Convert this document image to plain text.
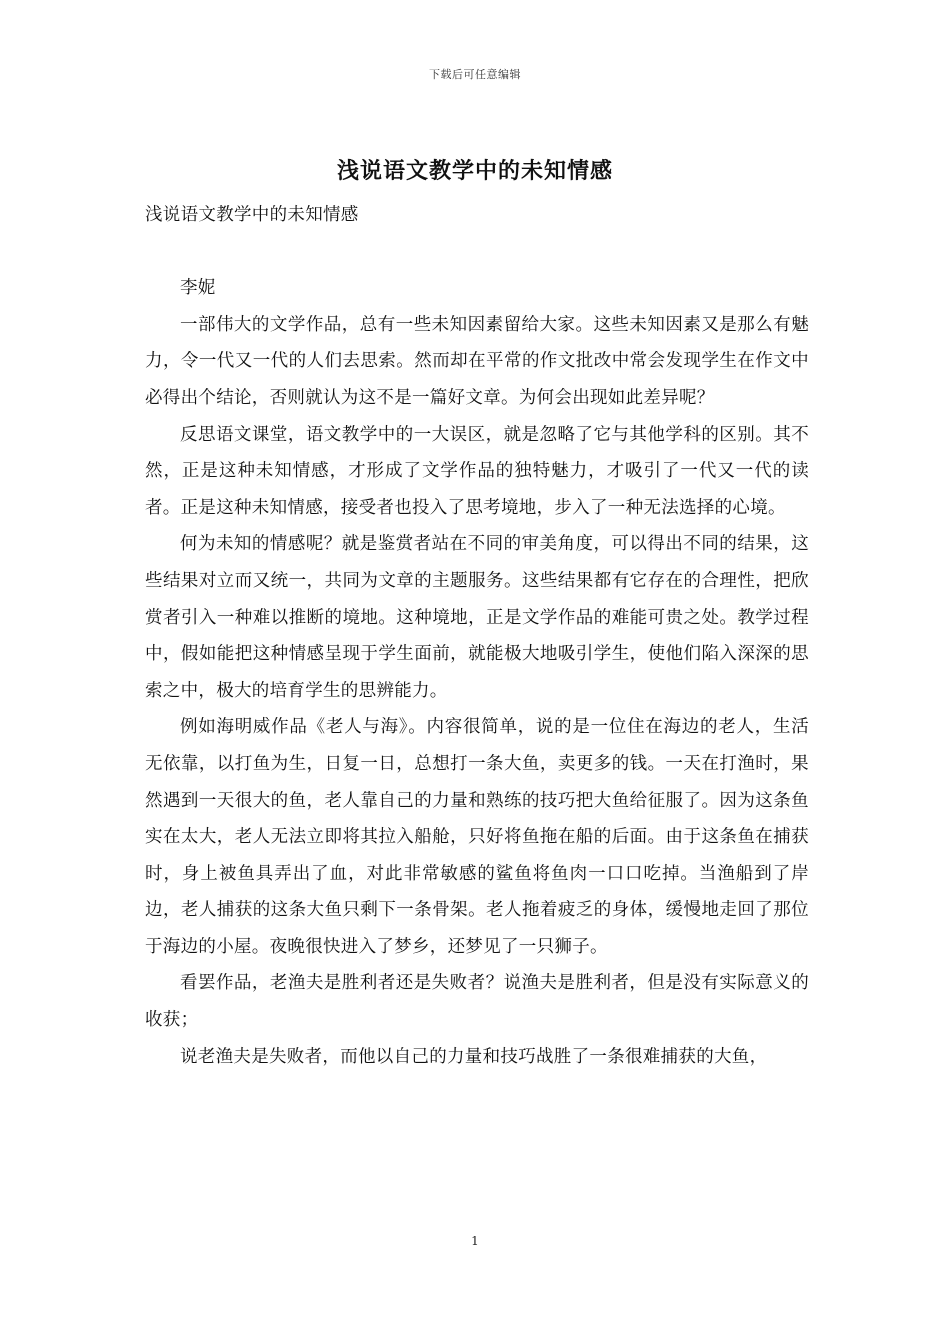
下载后可任意编辑
浅说语文教学中的未知情感

浅说语文教学中的未知情感

李妮

一部伟大的文学作品，总有一些未知因素留给大家。这些未知因素又是那么有魅力，令一代又一代的人们去思索。然而却在平常的作文批改中常会发现学生在作文中必得出个结论，否则就认为这不是一篇好文章。为何会出现如此差异呢？

反思语文课堂，语文教学中的一大误区，就是忽略了它与其他学科的区别。其不然，正是这种未知情感，才形成了文学作品的独特魅力，才吸引了一代又一代的读者。正是这种未知情感，接受者也投入了思考境地，步入了一种无法选择的心境。

何为未知的情感呢？就是鉴赏者站在不同的审美角度，可以得出不同的结果，这些结果对立而又统一，共同为文章的主题服务。这些结果都有它存在的合理性，把欣赏者引入一种难以推断的境地。这种境地，正是文学作品的难能可贵之处。教学过程中，假如能把这种情感呈现于学生面前，就能极大地吸引学生，使他们陷入深深的思索之中，极大的培育学生的思辨能力。

例如海明威作品《老人与海》。内容很简单，说的是一位住在海边的老人，生活无依靠，以打鱼为生，日复一日，总想打一条大鱼，卖更多的钱。一天在打渔时，果然遇到一天很大的鱼，老人靠自己的力量和熟练的技巧把大鱼给征服了。因为这条鱼实在太大，老人无法立即将其拉入船舱，只好将鱼拖在船的后面。由于这条鱼在捕获时，身上被鱼具弄出了血，对此非常敏感的鲨鱼将鱼肉一口口吃掉。当渔船到了岸边，老人捕获的这条大鱼只剩下一条骨架。老人拖着疲乏的身体，缓慢地走回了那位于海边的小屋。夜晚很快进入了梦乡，还梦见了一只狮子。

看罢作品，老渔夫是胜利者还是失败者？说渔夫是胜利者，但是没有实际意义的收获；

说老渔夫是失败者，而他以自己的力量和技巧战胜了一条很难捕获的大鱼，

1
